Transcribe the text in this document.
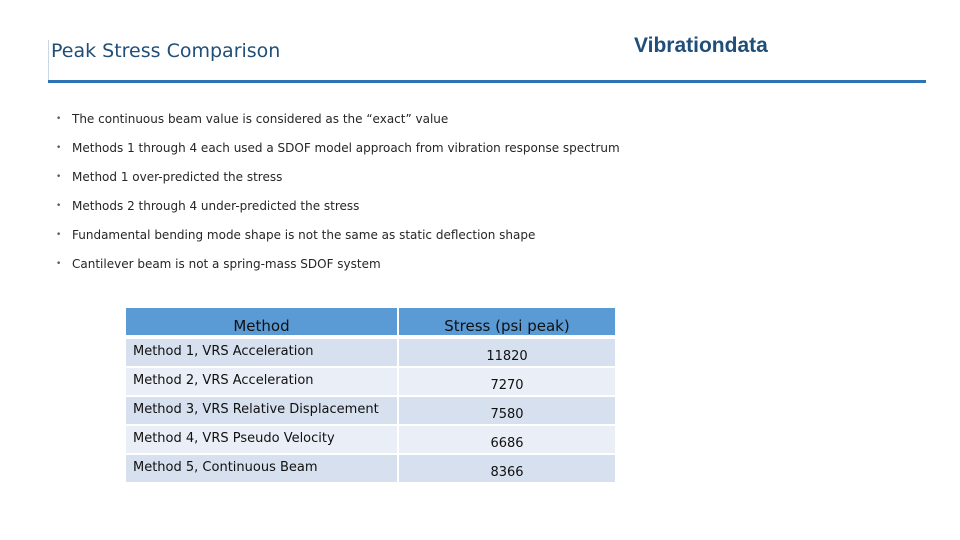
Peak Stress Comparison	Vibrationdata
• The continuous beam value is considered as the “exact” value
• Methods 1 through 4 each used a SDOF model approach from vibration response spectrum
• Method 1 over-predicted the stress
• Methods 2 through 4 under-predicted the stress
• Fundamental bending mode shape is not the same as static deflection shape
• Cantilever beam is not a spring-mass SDOF system
Method	Stress (psi peak)
Method 1, VRS Acceleration	11820
Method 2, VRS Acceleration	7270
Method 3, VRS Relative Displacement	7580
Method 4, VRS Pseudo Velocity	6686
Method 5, Continuous Beam	8366
